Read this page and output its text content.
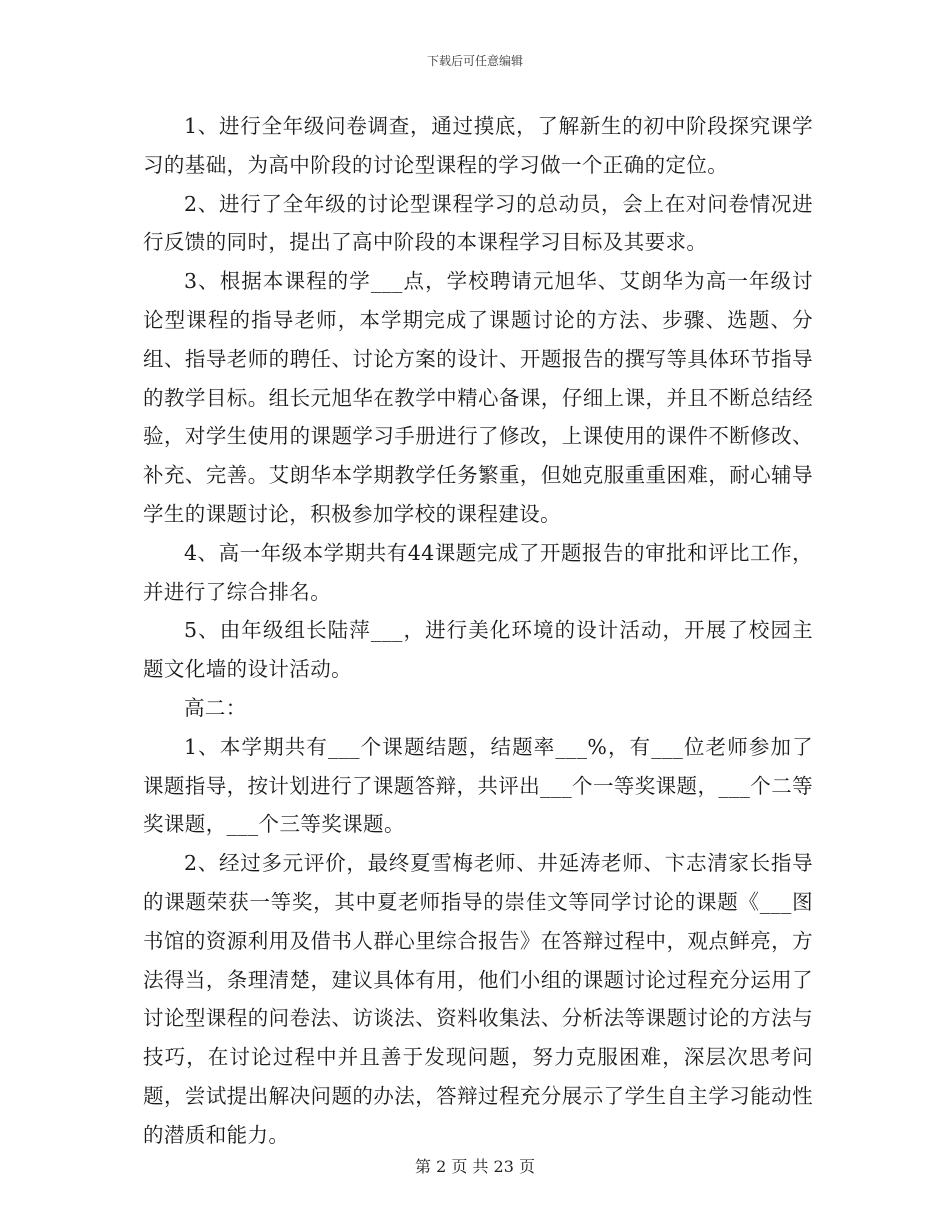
下载后可任意编辑

1、进行全年级问卷调查，通过摸底，了解新生的初中阶段探究课学习的基础，为高中阶段的讨论型课程的学习做一个正确的定位。

2、进行了全年级的讨论型课程学习的总动员，会上在对问卷情况进行反馈的同时，提出了高中阶段的本课程学习目标及其要求。

3、根据本课程的学___点，学校聘请元旭华、艾朗华为高一年级讨论型课程的指导老师，本学期完成了课题讨论的方法、步骤、选题、分组、指导老师的聘任、讨论方案的设计、开题报告的撰写等具体环节指导的教学目标。组长元旭华在教学中精心备课，仔细上课，并且不断总结经验，对学生使用的课题学习手册进行了修改，上课使用的课件不断修改、补充、完善。艾朗华本学期教学任务繁重，但她克服重重困难，耐心辅导学生的课题讨论，积极参加学校的课程建设。

4、高一年级本学期共有44课题完成了开题报告的审批和评比工作，并进行了综合排名。

5、由年级组长陆萍___，进行美化环境的设计活动，开展了校园主题文化墙的设计活动。

高二：

1、本学期共有___个课题结题，结题率___%，有___位老师参加了课题指导，按计划进行了课题答辩，共评出___个一等奖课题，___个二等奖课题，___个三等奖课题。

2、经过多元评价，最终夏雪梅老师、井延涛老师、卞志清家长指导的课题荣获一等奖，其中夏老师指导的崇佳文等同学讨论的课题《___图书馆的资源利用及借书人群心里综合报告》在答辩过程中，观点鲜亮，方法得当，条理清楚，建议具体有用，他们小组的课题讨论过程充分运用了讨论型课程的问卷法、访谈法、资料收集法、分析法等课题讨论的方法与技巧，在讨论过程中并且善于发现问题，努力克服困难，深层次思考问题，尝试提出解决问题的办法，答辩过程充分展示了学生自主学习能动性的潜质和能力。

第 2 页 共 23 页
